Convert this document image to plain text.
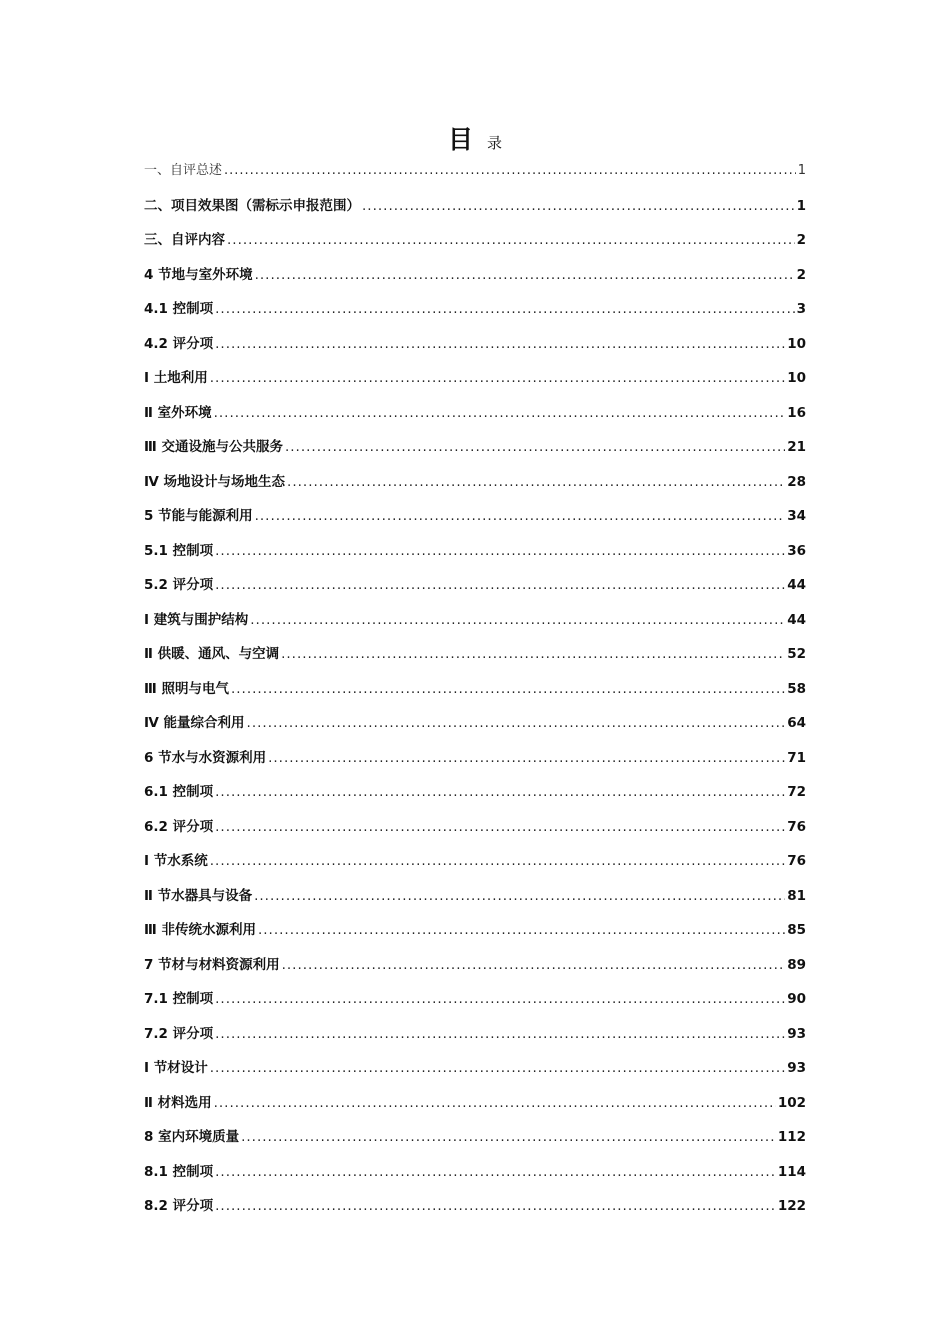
目录
一、自评总述 .....	1
二、项目效果图（需标示申报范围） .....	1
三、自评内容 .....	2
4 节地与室外环境 .....	2
4.1 控制项 .....	3
4.2 评分项 .....	10
Ⅰ 土地利用 .....	10
Ⅱ 室外环境 .....	16
Ⅲ 交通设施与公共服务 .....	21
Ⅳ 场地设计与场地生态 .....	28
5 节能与能源利用 .....	34
5.1 控制项 .....	36
5.2 评分项 .....	44
Ⅰ 建筑与围护结构 .....	44
Ⅱ 供暖、通风、与空调 .....	52
Ⅲ 照明与电气 .....	58
Ⅳ 能量综合利用 .....	64
6 节水与水资源利用 .....	71
6.1 控制项 .....	72
6.2 评分项 .....	76
Ⅰ 节水系统 .....	76
Ⅱ 节水器具与设备 .....	81
Ⅲ 非传统水源利用 .....	85
7 节材与材料资源利用 .....	89
7.1 控制项 .....	90
7.2 评分项 .....	93
Ⅰ 节材设计 .....	93
Ⅱ 材料选用 .....	102
8 室内环境质量 .....	112
8.1 控制项 .....	114
8.2 评分项 .....	122
